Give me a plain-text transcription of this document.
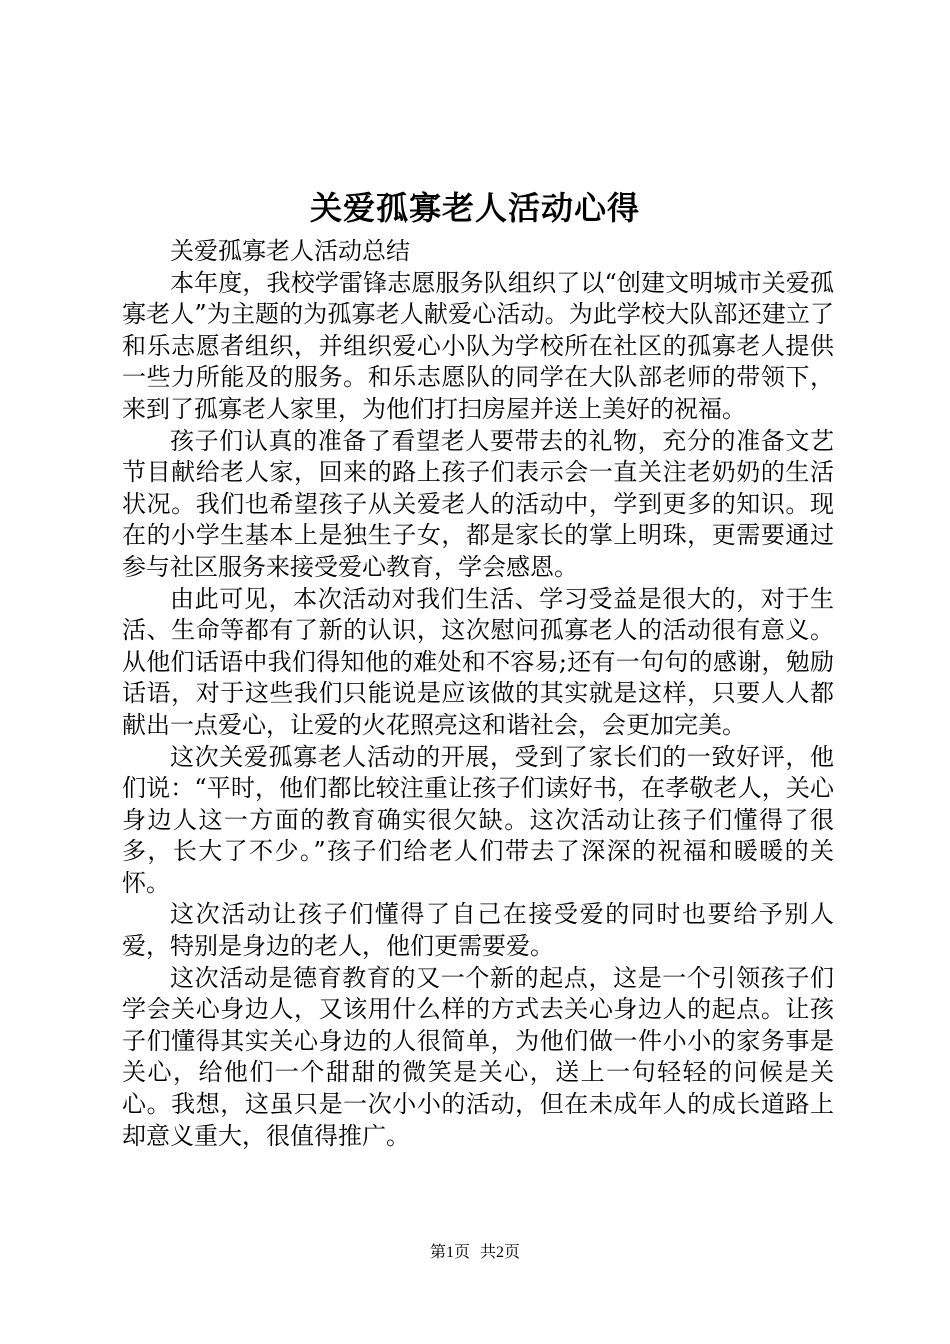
关爱孤寡老人活动心得

关爱孤寡老人活动总结

本年度，我校学雷锋志愿服务队组织了以“创建文明城市关爱孤寡老人”为主题的为孤寡老人献爱心活动。为此学校大队部还建立了和乐志愿者组织，并组织爱心小队为学校所在社区的孤寡老人提供一些力所能及的服务。和乐志愿队的同学在大队部老师的带领下，来到了孤寡老人家里，为他们打扫房屋并送上美好的祝福。

孩子们认真的准备了看望老人要带去的礼物，充分的准备文艺节目献给老人家，回来的路上孩子们表示会一直关注老奶奶的生活状况。我们也希望孩子从关爱老人的活动中，学到更多的知识。现在的小学生基本上是独生子女，都是家长的掌上明珠，更需要通过参与社区服务来接受爱心教育，学会感恩。

由此可见，本次活动对我们生活、学习受益是很大的，对于生活、生命等都有了新的认识，这次慰问孤寡老人的活动很有意义。从他们话语中我们得知他的难处和不容易;还有一句句的感谢，勉励话语，对于这些我们只能说是应该做的其实就是这样，只要人人都献出一点爱心，让爱的火花照亮这和谐社会，会更加完美。

这次关爱孤寡老人活动的开展，受到了家长们的一致好评，他们说：“平时，他们都比较注重让孩子们读好书，在孝敬老人，关心身边人这一方面的教育确实很欠缺。这次活动让孩子们懂得了很多，长大了不少。”孩子们给老人们带去了深深的祝福和暖暖的关怀。

这次活动让孩子们懂得了自己在接受爱的同时也要给予别人爱，特别是身边的老人，他们更需要爱。

这次活动是德育教育的又一个新的起点，这是一个引领孩子们学会关心身边人，又该用什么样的方式去关心身边人的起点。让孩子们懂得其实关心身边的人很简单，为他们做一件小小的家务事是关心，给他们一个甜甜的微笑是关心，送上一句轻轻的问候是关心。我想，这虽只是一次小小的活动，但在未成年人的成长道路上却意义重大，很值得推广。

第1页 共2页
